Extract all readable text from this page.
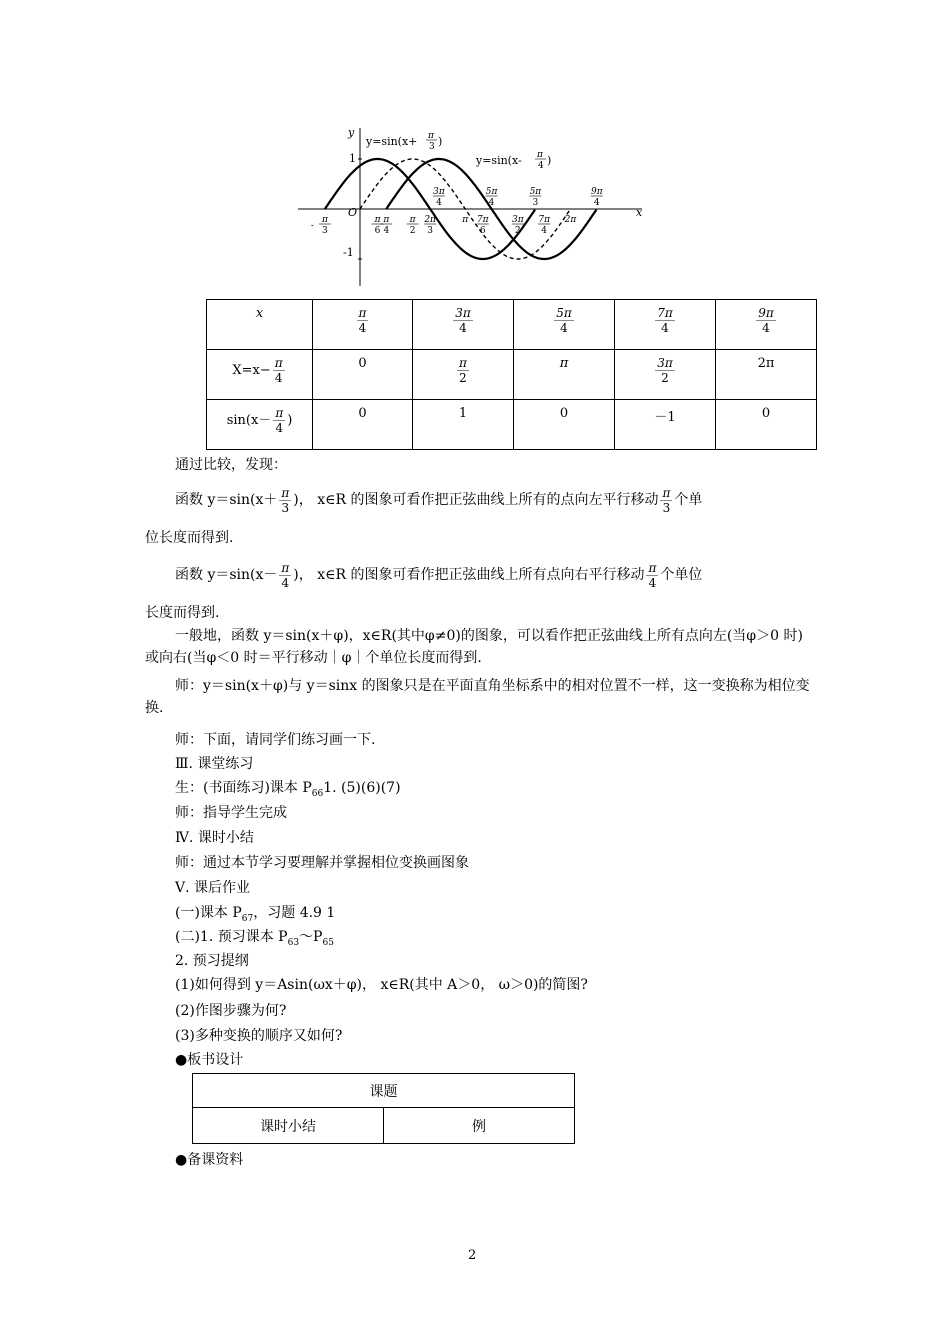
y
x
1
-1
O
y=sin(x+ π
3 )
y=sin(x- π
4 )
-
π
3
π
6
π
4
π
2
2π
3
3π
4
π
5π
4
7π
6
3π
2
5π
3
7π
4
2π
9π
4
x	$\frac{\pi}{4}$	$\frac{3\pi}{4}$	$\frac{5\pi}{4}$	$\frac{7\pi}{4}$	$\frac{9\pi}{4}$

$X=x- \frac{\pi}{4}$	0	$\frac{\pi}{2}$	π	$\frac{3\pi}{2}$	2π
$\sin(x- \frac{\pi}{4}$ )	0	1	0	－1	0
通过比较，发现：
函数 $y=\sin(x+ \frac{\pi}{3}$ )， x∈R 的图象可看作把正弦曲线上所有的点向左平行移动 $\frac{\pi}{3}$ 个单
位长度而得到.
函数 $y=\sin(x- \frac{\pi}{4}$ )， x∈R 的图象可看作把正弦曲线上所有点向右平行移动 $\frac{\pi}{4}$ 个单位
长度而得到.
一般地，函数 y＝sin(x＋φ)，x∈R(其中φ≠0)的图象，可以看作把正弦曲线上所有点向左(当φ＞0 时)或向右(当φ＜0 时＝平行移动｜φ｜个单位长度而得到.
师：y＝sin(x＋φ)与 y＝sinx 的图象只是在平面直角坐标系中的相对位置不一样，这一变换称为相位变换.
师：下面，请同学们练习画一下.
Ⅲ. 课堂练习
生：(书面练习)课本 $P_{66}1$. (5)(6)(7)
师：指导学生完成
Ⅳ. 课时小结
师：通过本节学习要理解并掌握相位变换画图象
Ⅴ. 课后作业
(一)课本 $P_{67}$，习题 4.9 1
(二)1. 预习课本 $P_{63}\sim P_{65}$
2. 预习提纲
(1)如何得到 y＝Asin(ωx＋φ)， x∈R(其中 A＞0， ω＞0)的简图?
(2)作图步骤为何?
(3)多种变换的顺序又如何?
●板书设计
课题
课时小结	例
●备课资料
2
